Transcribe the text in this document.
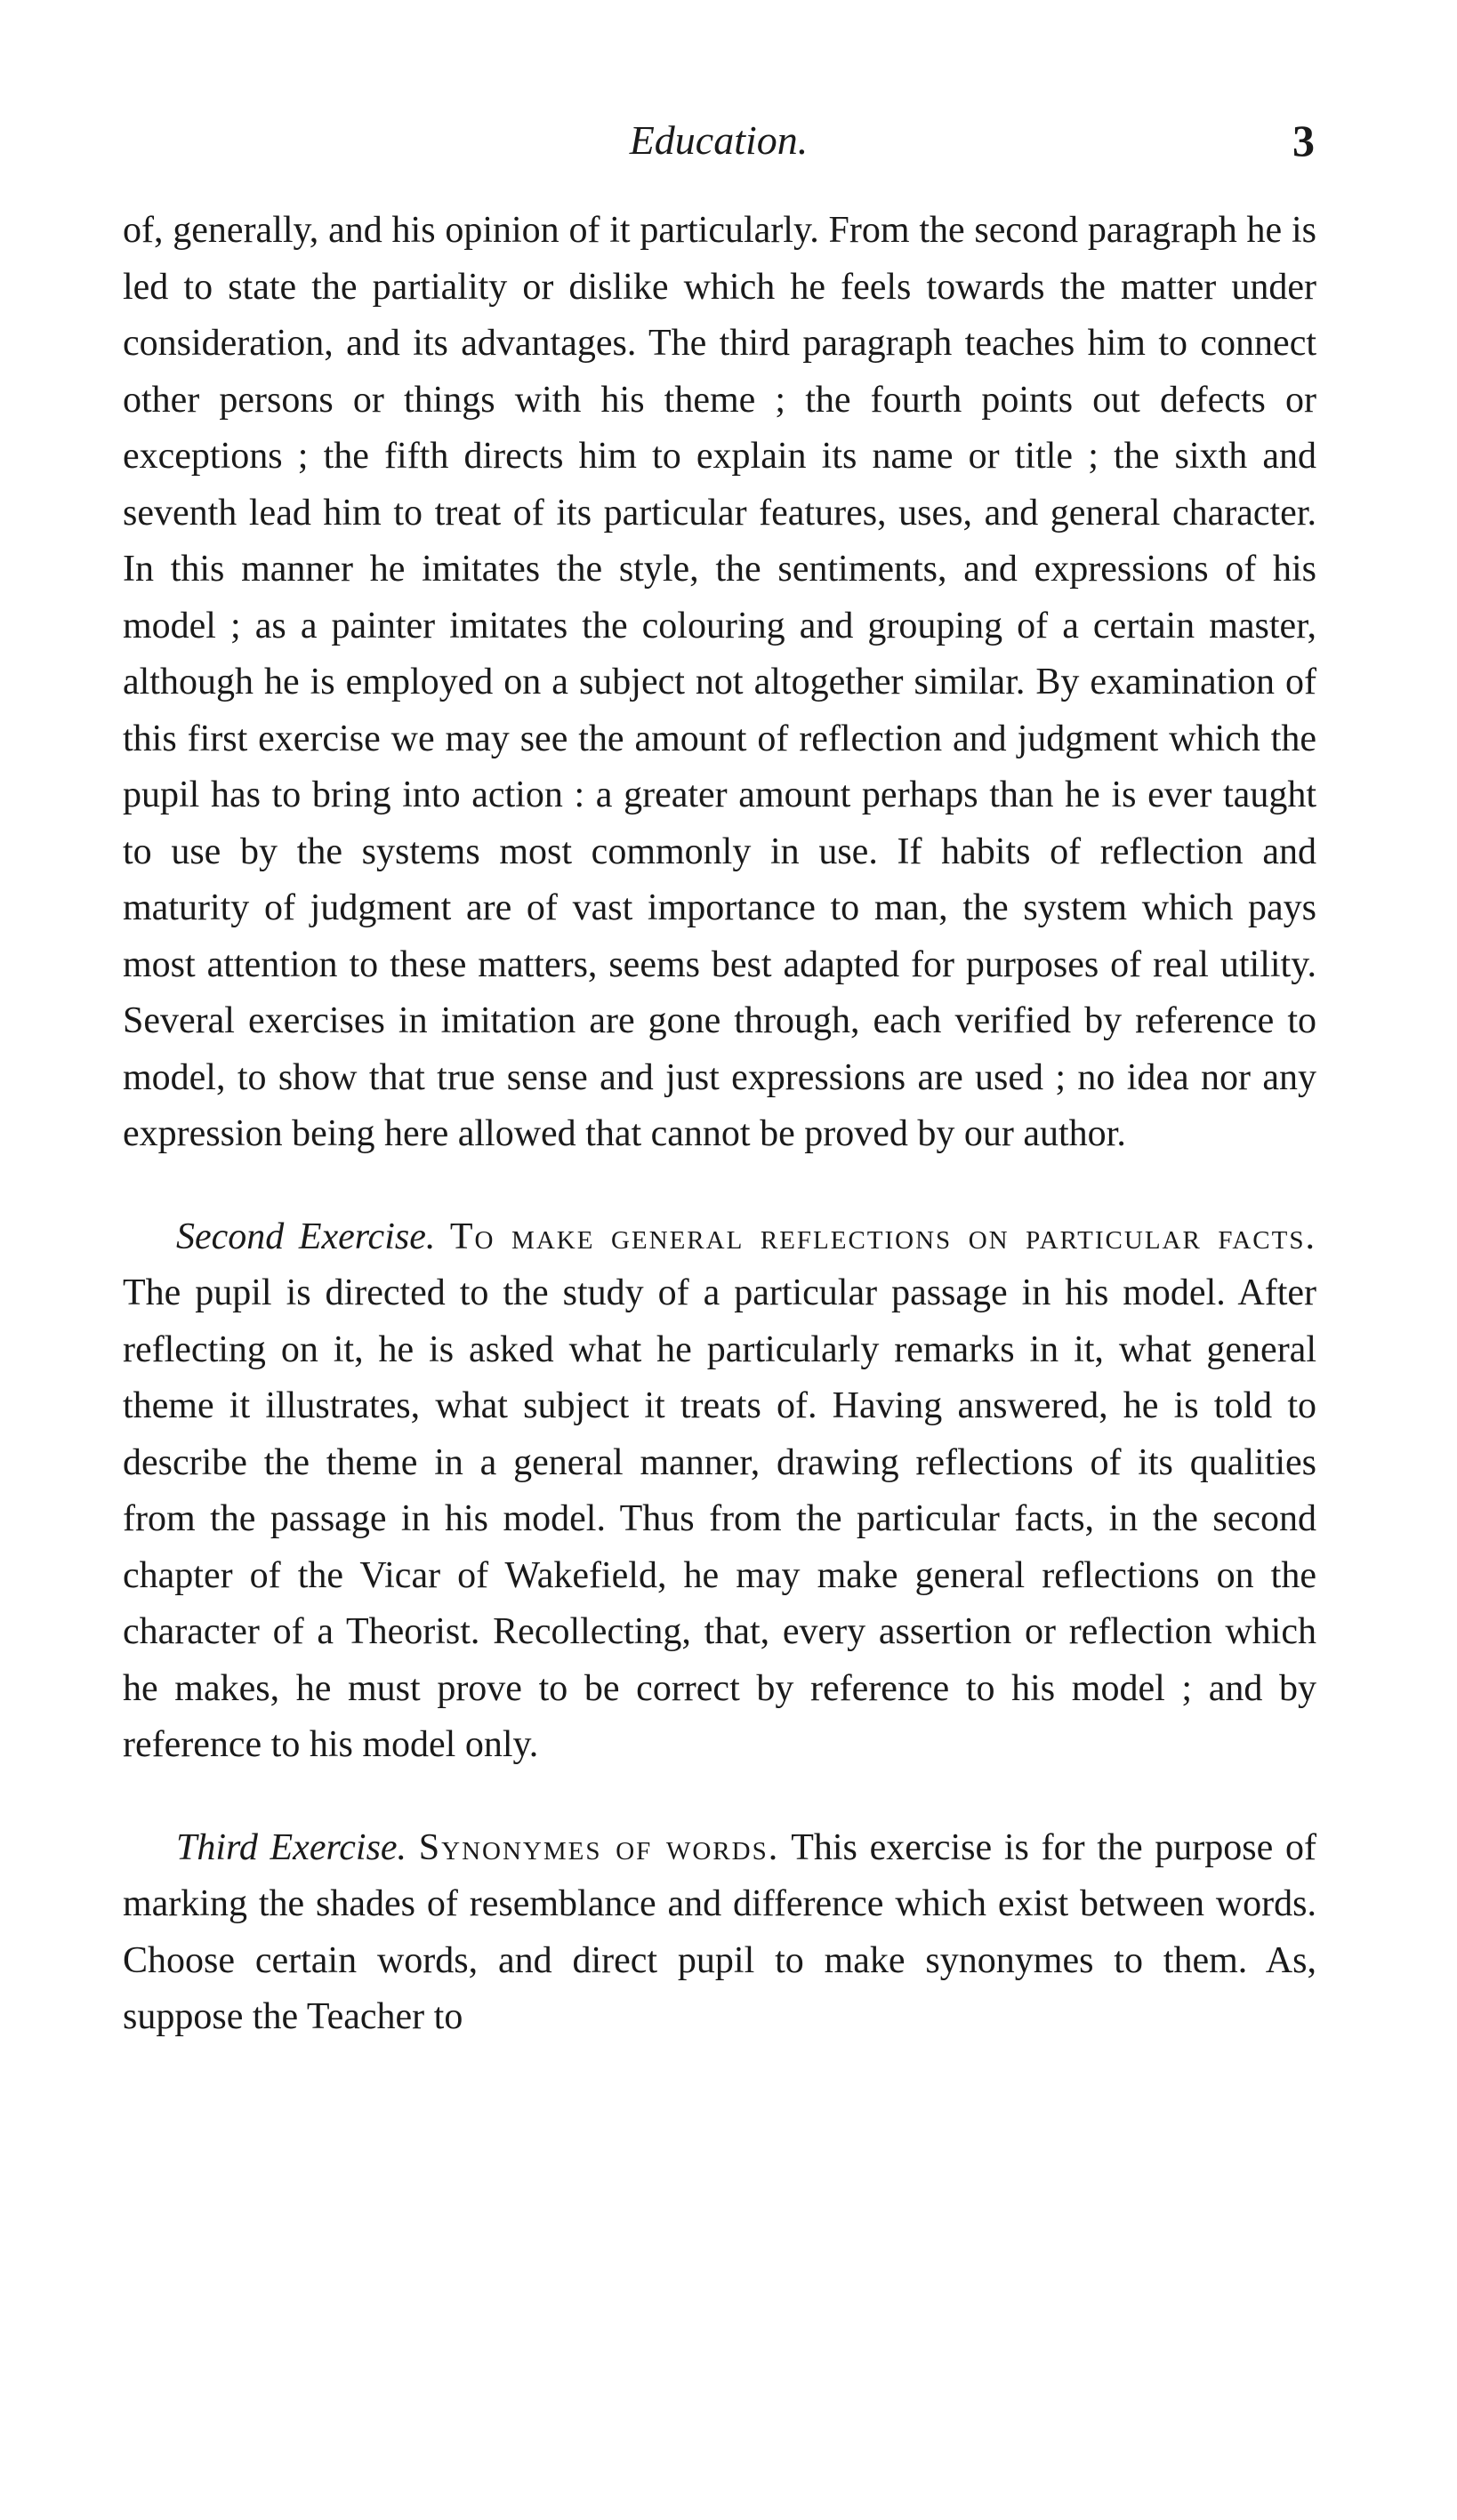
Education.	3

of, generally, and his opinion of it particularly. From the second paragraph he is led to state the partiality or dislike which he feels towards the matter under consideration, and its advantages. The third paragraph teaches him to connect other persons or things with his theme ; the fourth points out defects or exceptions ; the fifth directs him to explain its name or title ; the sixth and seventh lead him to treat of its particular features, uses, and general character. In this manner he imitates the style, the sentiments, and expressions of his model ; as a painter imitates the colouring and grouping of a certain master, although he is employed on a subject not altogether similar. By examination of this first exercise we may see the amount of reflection and judgment which the pupil has to bring into action : a greater amount perhaps than he is ever taught to use by the systems most commonly in use. If habits of reflection and maturity of judgment are of vast importance to man, the system which pays most attention to these matters, seems best adapted for purposes of real utility. Several exercises in imitation are gone through, each verified by reference to model, to show that true sense and just expressions are used ; no idea nor any expression being here allowed that cannot be proved by our author.

Second Exercise. To make general reflections on particular facts. The pupil is directed to the study of a particular passage in his model. After reflecting on it, he is asked what he particularly remarks in it, what general theme it illustrates, what subject it treats of. Having answered, he is told to describe the theme in a general manner, drawing reflections of its qualities from the passage in his model. Thus from the particular facts, in the second chapter of the Vicar of Wakefield, he may make general reflections on the character of a Theorist. Recollecting, that, every assertion or reflection which he makes, he must prove to be correct by reference to his model ; and by reference to his model only.

Third Exercise. Synonymes of words. This exercise is for the purpose of marking the shades of resemblance and difference which exist between words. Choose certain words, and direct pupil to make synonymes to them. As, suppose the Teacher to
